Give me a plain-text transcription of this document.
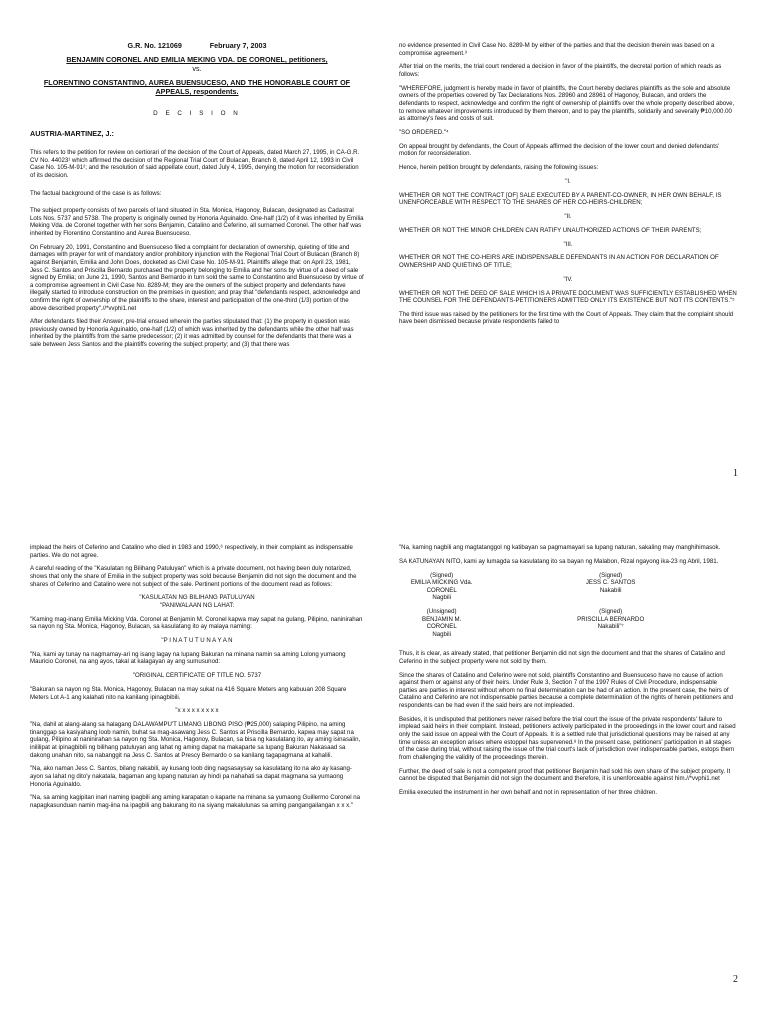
G.R. No. 121069              February 7, 2003
BENJAMIN CORONEL AND EMILIA MEKING VDA. DE CORONEL, petitioners,
vs.
FLORENTINO CONSTANTINO, AUREA BUENSUCESO, AND THE HONORABLE COURT OF APPEALS, respondents.
D E C I S I O N
AUSTRIA-MARTINEZ, J.:

This refers to the petition for review on certiorari of the decision of the Court of Appeals, dated March 27, 1995, in CA-G.R. CV No. 44023¹ which affirmed the decision of the Regional Trial Court of Bulacan, Branch 8, dated April 12, 1993 in Civil Case No. 105-M-91²; and the resolution of said appellate court, dated July 4, 1995, denying the motion for reconsideration of its decision.

The factual background of the case is as follows:

The subject property consists of two parcels of land situated in Sta. Monica, Hagonoy, Bulacan, designated as Cadastral Lots Nos. 5737 and 5738. The property is originally owned by Honoria Aguinaldo. One-half (1/2) of it was inherited by Emilia Meking Vda. de Coronel together with her sons Benjamin, Catalino and Ceferino, all surnamed Coronel. The other half was inherited by Florentino Constantino and Aurea Buensuceso.

On February 20, 1991, Constantino and Buensuceso filed a complaint for declaration of ownership, quieting of title and damages with prayer for writ of mandatory and/or prohibitory injunction with the Regional Trial Court of Bulacan (Branch 8) against Benjamin, Emilia and John Does, docketed as Civil Case No. 105-M-91. Plaintiffs allege that: on April 23, 1981, Jess C. Santos and Priscilla Bernardo purchased the property belonging to Emilia and her sons by virtue of a deed of sale signed by Emilia; on June 21, 1990, Santos and Bernardo in turn sold the same to Constantino and Buensuceso by virtue of a compromise agreement in Civil Case No. 8289-M; they are the owners of the subject property and defendants have illegally started to introduce construction on the premises in question; and pray that "defendants respect, acknowledge and confirm the right of ownership of the plaintiffs to the share, interest and participation of the one-third (1/3) portion of the above described property".//*vvphi1.net

After defendants filed their Answer, pre-trial ensued wherein the parties stipulated that: (1) the property in question was previously owned by Honoria Aguinaldo, one-half (1/2) of which was inherited by the defendants while the other half was inherited by the plaintiffs from the same predecessor; (2) it was admitted by counsel for the defendants that there was a sale between Jess Santos and the plaintiffs covering the subject property; and (3) that there was

no evidence presented in Civil Case No. 8289-M by either of the parties and that the decision therein was based on a compromise agreement.³

After trial on the merits, the trial court rendered a decision in favor of the plaintiffs, the decretal portion of which reads as follows:

"WHEREFORE, judgment is hereby made in favor of plaintiffs, the Court hereby declares plaintiffs as the sole and absolute owners of the properties covered by Tax Declarations Nos. 28960 and 28961 of Hagonoy, Bulacan, and orders the defendants to respect, acknowledge and confirm the right of ownership of plaintiffs over the whole property described above, to remove whatever improvements introduced by them thereon, and to pay the plaintiffs, solidarily and severally ₱10,000.00 as attorney's fees and costs of suit.

"SO ORDERED."⁴

On appeal brought by defendants, the Court of Appeals affirmed the decision of the lower court and denied defendants' motion for reconsideration.

Hence, herein petition brought by defendants, raising the following issues:

"I.

WHETHER OR NOT THE CONTRACT [OF] SALE EXECUTED BY A PARENT-CO-OWNER, IN HER OWN BEHALF, IS UNENFORCEABLE WITH RESPECT TO THE SHARES OF HER CO-HEIRS-CHILDREN;

"II.

WHETHER OR NOT THE MINOR CHILDREN CAN RATIFY UNAUTHORIZED ACTIONS OF THEIR PARENTS;

"III.

WHETHER OR NOT THE CO-HEIRS ARE INDISPENSABLE DEFENDANTS IN AN ACTION FOR DECLARATION OF OWNERSHIP AND QUIETING OF TITLE;

"IV.

WHETHER OR NOT THE DEED OF SALE WHICH IS A PRIVATE DOCUMENT WAS SUFFICIENTLY ESTABLISHED WHEN THE COUNSEL FOR THE DEFENDANTS-PETITIONERS ADMITTED ONLY ITS EXISTENCE BUT NOT ITS CONTENTS."⁵

The third issue was raised by the petitioners for the first time with the Court of Appeals. They claim that the complaint should have been dismissed because private respondents failed to

1

implead the heirs of Ceferino and Catalino who died in 1983 and 1990,⁶ respectively, in their complaint as indispensable parties. We do not agree.

A careful reading of the "Kasulatan ng Bilihang Patuluyan" which is a private document, not having been duly notarized, shows that only the share of Emilia in the subject property was sold because Benjamin did not sign the document and the shares of Ceferino and Catalino were not subject of the sale. Pertinent portions of the document read as follows:

"KASULATAN NG BILIHANG PATULUYAN

"PANIWALAAN NG LAHAT:

"Kaming mag-inang Emilia Micking Vda. Coronel at Benjamin M. Coronel kapwa may sapat na gulang, Pilipino, naninirahan sa nayon ng Sta. Monica, Hagonoy, Bulacan, sa kasulatang ito ay malaya naming:

"P I N A T U T U N A Y A N

"Na, kami ay tunay na nagmamay-ari ng isang lagay na lupang Bakuran na minana namin sa aming Lolong yumaong Mauricio Coronel, na ang ayos, takal at kalagayan ay ang sumusunod:

"ORIGINAL CERTIFICATE OF TITLE NO. 5737

"Bakuran sa nayon ng Sta. Monica, Hagonoy, Bulacan na may sukat na 416 Square Meters ang kabuuan 208 Square Meters Lot A-1 ang kalahati nito na kanilang ipinagbibili.

"x x x x x x x x x

"Na, dahil at alang-alang sa halagang DALAWAMPU'T LIMANG LIBONG PISO (₱25,000) salaping Pilipino, na aming tinanggap sa kasiyahang loob namin, buhat sa mag-asawang Jess C. Santos at Priscilla Bernardo, kapwa may sapat na gulang, Pilipino at naninirahan sa nayon ng Sta. Monica, Hagonoy, Bulacan, sa bisa ng kasulatang ito, ay aming isinasalin, inililipat at ipinagbibili ng bilihang patuluyan ang lahat ng aming dapat na makaparte sa lupang Bakuran Nakasaad sa dakong unahan nito, sa nabanggit na Jess C. Santos at Prescy Bernardo o sa kanilang tagapagmana at kahalili.

"Na, ako naman Jess C. Santos, bilang nakabili, ay kusang loob ding nagsasaysay sa kasulatang ito na ako ay kasang-ayon sa lahat ng dito'y nakatala, bagaman ang lupang naturan ay hindi pa nahahati sa dapat magmana sa yumaong Honoria Aguinaldo.

"Na, sa aming kagipitan inari naming ipagbili ang aming karapatan o kaparte na minana sa yumaong Guillermo Coronel na napagkasunduan namin mag-iina na ipagbili ang bakurang ito na siyang makalulunas sa aming pangangailangan x x x."

"Na, kaming nagbili ang magtatanggol ng katibayan sa pagmamayari sa lupang naturan, sakaling may manghihimasok.

SA KATUNAYAN NITO, kami ay lumagda sa kasulatang ito sa bayan ng Malabon, Rizal ngayong ika-23 ng Abril, 1981.

(Signed)
EMILIA MICKING Vda. CORONEL
Nagbili
(Signed)
JESS C. SANTOS
Nakabili
(Unsigned)
BENJAMIN M. CORONEL
Nagbili
(Signed)
PRISCILLA BERNARDO
Nakabili"⁷

Thus, it is clear, as already stated, that petitioner Benjamin did not sign the document and that the shares of Catalino and Ceferino in the subject property were not sold by them.

Since the shares of Catalino and Ceferino were not sold, plaintiffs Constantino and Buensuceso have no cause of action against them or against any of their heirs. Under Rule 3, Section 7 of the 1997 Rules of Civil Procedure, indispensable parties are parties in interest without whom no final determination can be had of an action. In the present case, the heirs of Catalino and Ceferino are not indispensable parties because a complete determination of the rights of herein petitioners and respondents can be had even if the said heirs are not impleaded.

Besides, it is undisputed that petitioners never raised before the trial court the issue of the private respondents' failure to implead said heirs in their complaint. Instead, petitioners actively participated in the proceedings in the lower court and raised only the said issue on appeal with the Court of Appeals. It is a settled rule that jurisdictional questions may be raised at any time unless an exception arises where estoppel has supervened.⁸ In the present case, petitioners' participation in all stages of the case during trial, without raising the issue of the trial court's lack of jurisdiction over indispensable parties, estops them from challenging the validity of the proceedings therein.

Further, the deed of sale is not a competent proof that petitioner Benjamin had sold his own share of the subject property. It cannot be disputed that Benjamin did not sign the document and therefore, it is unenforceable against him.//*vvphi1.net

Emilia executed the instrument in her own behalf and not in representation of her three children.

2
